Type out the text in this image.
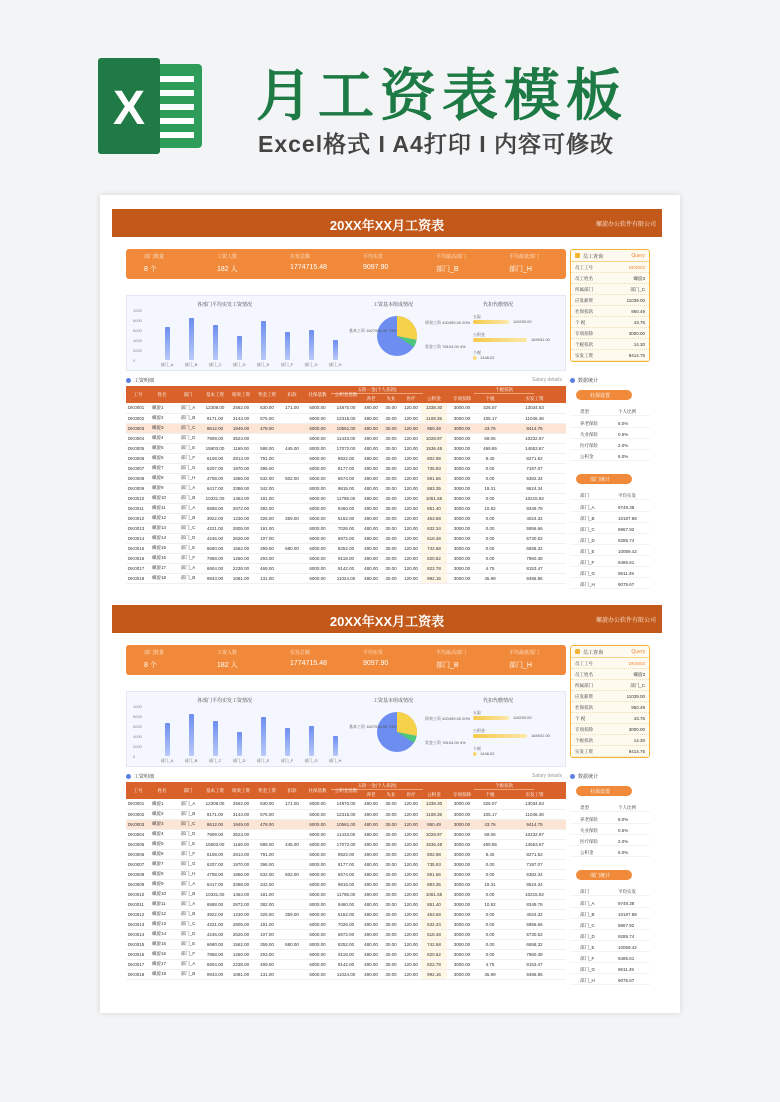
X 月工资表模板
Excel格式 I A4打印 I 内容可修改
20XX年XX月工资表	螺旋办公软件有限公司
部门数量
8 个
工资人数
182 人
实发总额
1774715.48
平均实发
9097.90
平均最高部门
部门_B
平均最低部门
部门_H
员工查询	Query
员工工号	DK0003
员工姓名	螺旋3
所属部门	部门_C
应发薪资	11039.00
社保扣款	950.49
个 税	43.76
专项扣除	3000.00
个税扣款	14.30
实发工资	9414.75
各部门平均实发工资情况	工资基本组成情况	代扣代缴情况
1000
8000
6000
4000
2000
0
部门_A	部门_B	部门_C	部门_D	部门_E	部门_F	部门_G	部门_H
基本工资 1627096.00 74%
绩效工资 420499.00 20%
奖金工资 78104.00 4%
五险
119290.00
公积金
184931.00
个税
1448.02
工资明细	Salary details
五险一金(个人扣款)	个税扣款
工号	姓名	部门	基本工资	绩效工资	奖金工资	扣款	社保基数	公积金基数
养老	失业	医疗	公积金	专项扣除	个税	实发工资
DK0001	螺旋1	部门_A	12308.00	2562.00	630.00	171.00	6000.00	14870.00	480.00	30.00	120.00	1338.30	3000.00	326.07	13034.63
DK0002	螺旋2	部门_B	9171.00	3144.00	575.00		6000.00	12315.00	480.00	30.00	120.00	1108.35	3000.00	105.17	11046.48
DK0003	螺旋3	部门_C	8612.00	1949.00	478.00		6000.00	10561.00	480.00	30.00	120.00	950.49	3000.00	43.76	9414.75
DK0004	螺旋4	部门_D	7909.00	3524.00			6000.00	11433.00	480.00	30.00	120.00	1028.97	3000.00	69.06	10232.97
DK0005	螺旋5	部门_E	15903.00	1169.00	588.00	445.00	6000.00	17072.00	480.00	30.00	120.00	1536.48	3000.00	499.85	14553.67
DK0006	螺旋6	部门_F	6108.00	2814.00	791.00		6000.00	8922.00	480.00	30.00	120.00	802.98	3000.00	8.40	8271.62
DK0007	螺旋7	部门_G	6207.00	1970.00	396.00		6000.00	8177.00	480.00	30.00	120.00	735.93	3000.00	0.00	7197.07
DK0008	螺旋8	部门_H	4708.00	1866.00	532.00	502.00	6000.00	6574.00	480.00	30.00	120.00	591.66	3000.00	0.00	5382.34
DK0009	螺旋9	部门_A	6417.00	3398.00	342.00		6000.00	9815.00	480.00	30.00	120.00	883.35	3000.00	19.31	8624.34
DK0010	螺旋10	部门_B	10331.00	1464.00	181.00		6000.00	11795.00	480.00	30.00	120.00	1061.55	3000.00	0.00	10215.92
DK0011	螺旋11	部门_A	6588.00	2872.00	382.00		6000.00	9460.00	480.00	30.00	120.00	851.40	3000.00	10.82	8349.78
DK0012	螺旋12	部门_B	3922.00	1230.00	325.00	359.00	6000.00	5152.00	480.00	30.00	120.00	463.68	3000.00	0.00	4024.32
DK0013	螺旋13	部门_C	4221.00	2805.00	191.00		6000.00	7026.00	480.00	30.00	120.00	632.34	3000.00	0.00	5956.66
DK0014	螺旋14	部门_D	4246.00	2626.00	107.00		6000.00	6872.00	480.00	30.00	120.00	618.48	3000.00	0.00	5730.52
DK0015	螺旋15	部门_E	6690.00	1562.00	359.00	680.00	6000.00	8252.00	480.00	30.00	120.00	742.68	3000.00	0.00	6558.32
DK0016	螺旋16	部门_F	7858.00	1260.00	293.00		6000.00	9118.00	480.00	30.00	120.00	820.62	3000.00	0.00	7960.38
DK0017	螺旋17	部门_A	6904.00	2238.00	469.00		6000.00	9142.00	480.00	30.00	120.00	822.78	3000.00	4.75	8153.47
DK0018	螺旋18	部门_B	9943.00	1081.00	131.00		6000.00	11024.00	480.00	30.00	120.00	992.16	3000.00	45.99	9486.85
数据统计
社保设置
类型	个人比例
养老保险	8.0%
失业保险	0.5%
医疗保险	2.0%
公积金	6.0%
部门统计
部门	平均实发
部门_A	9749.38
部门_B	10187.88
部门_C	9867.92
部门_D	9285.74
部门_E	10059.42
部门_F	9485.61
部门_G	9611.49
部门_H	9075.67
20XX年XX月工资表	螺旋办公软件有限公司
部门数量
8 个
工资人数
182 人
实发总额
1774715.48
平均实发
9097.90
平均最高部门
部门_B
平均最低部门
部门_H
员工查询	Query
员工工号	DK0003
员工姓名	螺旋3
所属部门	部门_C
应发薪资	11039.00
社保扣款	950.49
个 税	43.76
专项扣除	3000.00
个税扣款	14.30
实发工资	9414.75
各部门平均实发工资情况	工资基本组成情况	代扣代缴情况
1000
8000
6000
4000
2000
0
部门_A	部门_B	部门_C	部门_D	部门_E	部门_F	部门_G	部门_H
基本工资 1627096.00 74%
绩效工资 420499.00 20%
奖金工资 78104.00 4%
五险
119290.00
公积金
184931.00
个税
1448.02
工资明细	Salary details
五险一金(个人扣款)	个税扣款
工号	姓名	部门	基本工资	绩效工资	奖金工资	扣款	社保基数	公积金基数
养老	失业	医疗	公积金	专项扣除	个税	实发工资
DK0001	螺旋1	部门_A	12308.00	2562.00	630.00	171.00	6000.00	14870.00	480.00	30.00	120.00	1338.30	3000.00	326.07	13034.63
DK0002	螺旋2	部门_B	9171.00	3144.00	575.00		6000.00	12315.00	480.00	30.00	120.00	1108.35	3000.00	105.17	11046.48
DK0003	螺旋3	部门_C	8612.00	1949.00	478.00		6000.00	10561.00	480.00	30.00	120.00	950.49	3000.00	43.76	9414.75
DK0004	螺旋4	部门_D	7909.00	3524.00			6000.00	11433.00	480.00	30.00	120.00	1028.97	3000.00	69.06	10232.97
DK0005	螺旋5	部门_E	15903.00	1169.00	588.00	445.00	6000.00	17072.00	480.00	30.00	120.00	1536.48	3000.00	499.85	14553.67
DK0006	螺旋6	部门_F	6108.00	2814.00	791.00		6000.00	8922.00	480.00	30.00	120.00	802.98	3000.00	8.40	8271.62
DK0007	螺旋7	部门_G	6207.00	1970.00	396.00		6000.00	8177.00	480.00	30.00	120.00	735.93	3000.00	0.00	7197.07
DK0008	螺旋8	部门_H	4708.00	1866.00	532.00	502.00	6000.00	6574.00	480.00	30.00	120.00	591.66	3000.00	0.00	5382.34
DK0009	螺旋9	部门_A	6417.00	3398.00	342.00		6000.00	9815.00	480.00	30.00	120.00	883.35	3000.00	19.31	8624.34
DK0010	螺旋10	部门_B	10331.00	1464.00	181.00		6000.00	11795.00	480.00	30.00	120.00	1061.55	3000.00	0.00	10215.92
DK0011	螺旋11	部门_A	6588.00	2872.00	382.00		6000.00	9460.00	480.00	30.00	120.00	851.40	3000.00	10.82	8349.78
DK0012	螺旋12	部门_B	3922.00	1230.00	325.00	359.00	6000.00	5152.00	480.00	30.00	120.00	463.68	3000.00	0.00	4024.32
DK0013	螺旋13	部门_C	4221.00	2805.00	191.00		6000.00	7026.00	480.00	30.00	120.00	632.34	3000.00	0.00	5956.66
DK0014	螺旋14	部门_D	4246.00	2626.00	107.00		6000.00	6872.00	480.00	30.00	120.00	618.48	3000.00	0.00	5730.52
DK0015	螺旋15	部门_E	6690.00	1562.00	359.00	680.00	6000.00	8252.00	480.00	30.00	120.00	742.68	3000.00	0.00	6558.32
DK0016	螺旋16	部门_F	7858.00	1260.00	293.00		6000.00	9118.00	480.00	30.00	120.00	820.62	3000.00	0.00	7960.38
DK0017	螺旋17	部门_A	6904.00	2238.00	469.00		6000.00	9142.00	480.00	30.00	120.00	822.78	3000.00	4.75	8153.47
DK0018	螺旋18	部门_B	9943.00	1081.00	131.00		6000.00	11024.00	480.00	30.00	120.00	992.16	3000.00	45.99	9486.85
数据统计
社保设置
类型	个人比例
养老保险	8.0%
失业保险	0.5%
医疗保险	2.0%
公积金	6.0%
部门统计
部门	平均实发
部门_A	9749.38
部门_B	10187.88
部门_C	9867.92
部门_D	9285.74
部门_E	10059.42
部门_F	9485.61
部门_G	9611.49
部门_H	9075.67
